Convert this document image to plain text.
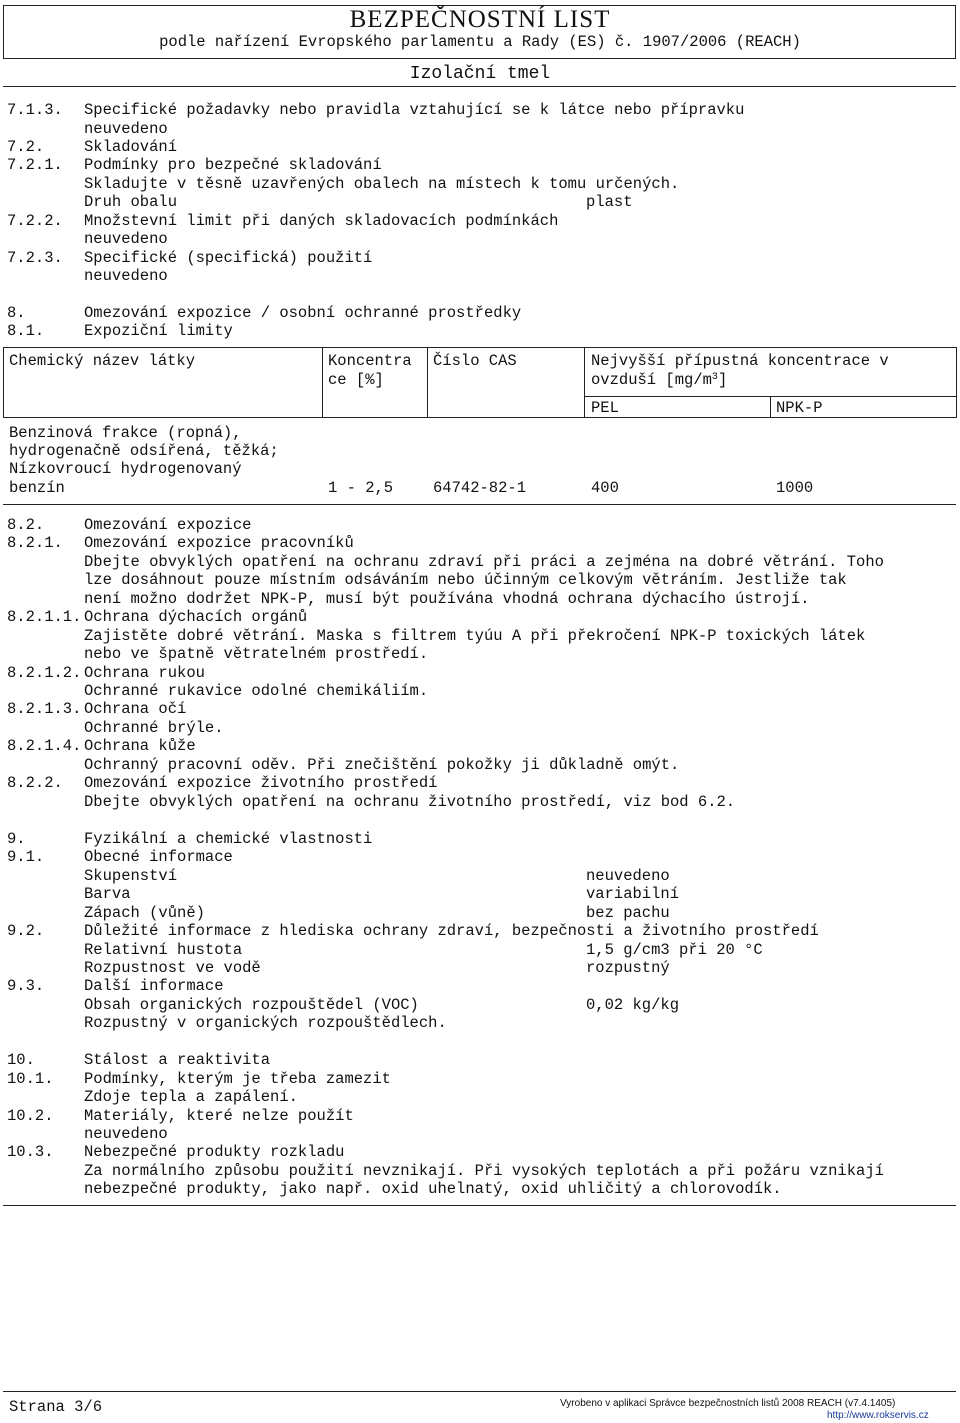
BEZPEČNOSTNÍ LIST
podle nařízení Evropského parlamentu a Rady (ES) č. 1907/2006 (REACH)
Izolační tmel
7.1.3. Specifické požadavky nebo pravidla vztahující se k látce nebo přípravku
neuvedeno
7.2.	Skladování
7.2.1. Podmínky pro bezpečné skladování
Skladujte v těsně uzavřených obalech na místech k tomu určených.
Druh obalu	plast
7.2.2. Množstevní limit při daných skladovacích podmínkách
neuvedeno
7.2.3. Specifické (specifická) použití
neuvedeno
8.	Omezování expozice / osobní ochranné prostředky
8.1.	Expoziční limity
Chemický název látky	Koncentra
ce [%]
Číslo CAS	Nejvyšší přípustná koncentrace v
ovzduší $[mg/m^3]$
PEL	NPK-P
Benzinová frakce (ropná),
hydrogenačně odsířená, těžká;
Nízkovroucí hydrogenovaný
benzín	1 - 2,5	64742-82-1	400	1000
8.2.	Omezování expozice
8.2.1. Omezování expozice pracovníků
Dbejte obvyklých opatření na ochranu zdraví při práci a zejména na dobré větrání. Toho
lze dosáhnout pouze místním odsáváním nebo účinným celkovým větráním. Jestliže tak
není možno dodržet NPK-P, musí být používána vhodná ochrana dýchacího ústrojí.
8.2.1.1. Ochrana dýchacích orgánů
Zajistěte dobré větrání. Maska s filtrem tyúu A při překročení NPK-P toxických látek
nebo ve špatně větratelném prostředí.
8.2.1.2. Ochrana rukou
Ochranné rukavice odolné chemikáliím.
8.2.1.3. Ochrana očí
Ochranné brýle.
8.2.1.4. Ochrana kůže
Ochranný pracovní oděv. Při znečištění pokožky ji důkladně omýt.
8.2.2. Omezování expozice životního prostředí
Dbejte obvyklých opatření na ochranu životního prostředí, viz bod 6.2.
9.	Fyzikální a chemické vlastnosti
9.1.	Obecné informace
Skupenství	neuvedeno
Barva	variabilní
Zápach (vůně)	bez pachu
9.2.	Důležité informace z hlediska ochrany zdraví, bezpečnosti a životního prostředí
Relativní hustota	1,5 g/cm3 při 20 °C
Rozpustnost ve vodě	rozpustný
9.3.	Další informace
Obsah organických rozpouštědel (VOC)	0,02 kg/kg
Rozpustný v organických rozpouštědlech.
10.	Stálost a reaktivita
10.1. Podmínky, kterým je třeba zamezit
Zdoje tepla a zapálení.
10.2. Materiály, které nelze použít
neuvedeno
10.3. Nebezpečné produkty rozkladu
Za normálního způsobu použití nevznikají. Při vysokých teplotách a při požáru vznikají
nebezpečné produkty, jako např. oxid uhelnatý, oxid uhličitý a chlorovodík.
Strana 3/6	Vyrobeno v aplikaci Správce bezpečnostních listů 2008 REACH (v7.4.1405)
http://www.rokservis.cz
